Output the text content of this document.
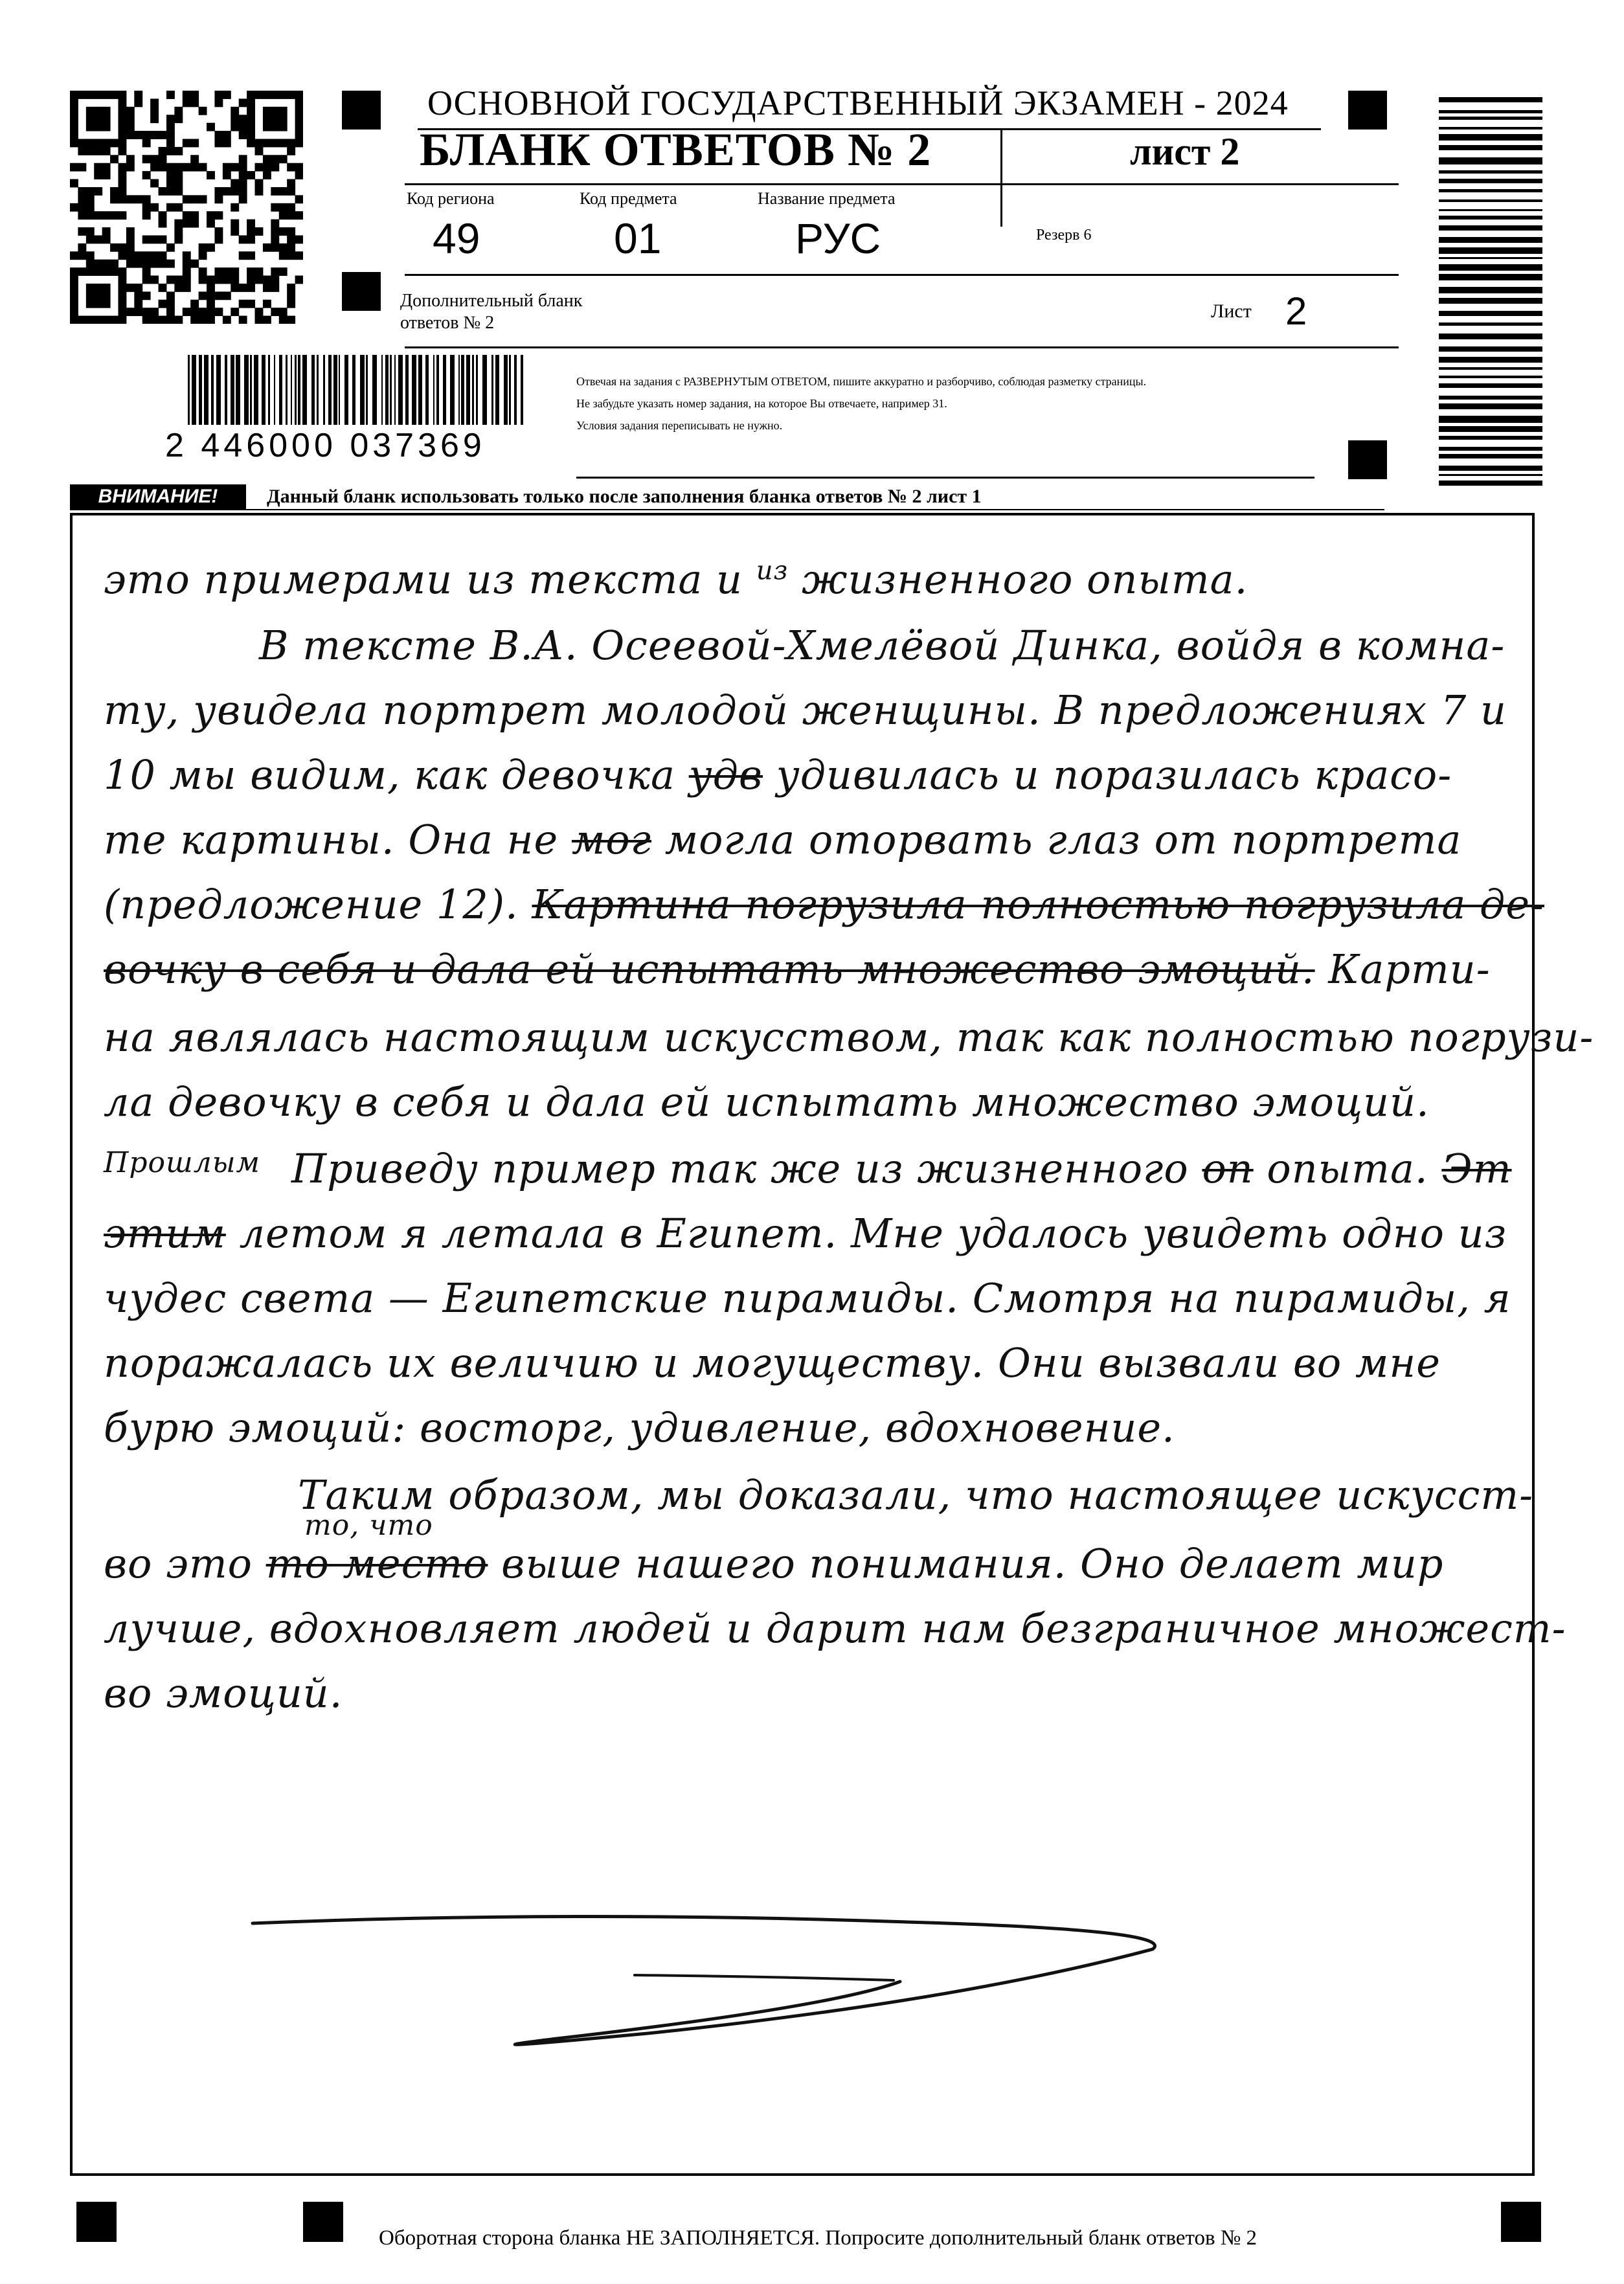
ОСНОВНОЙ ГОСУДАРСТВЕННЫЙ ЭКЗАМЕН - 2024
БЛАНК ОТВЕТОВ № 2	лист 2
Код региона
49
Код предмета
01
Название предмета
РУС	Резерв 6
Дополнительный бланк ответов № 2
Лист 2
Отвечая на задания с РАЗВЕРНУТЫМ ОТВЕТОМ, пишите аккуратно и разборчиво, соблюдая разметку страницы.
Не забудьте указать номер задания, на которое Вы отвечаете, например 31.
Условия задания переписывать не нужно.
2 446000 037369
ВНИМАНИЕ!	Данный бланк использовать только после заполнения бланка ответов № 2 лист 1
это примерами из текста и $^{из}$ жизненного опыта.
В тексте В.А. Осеевой-Хмелёвой Динка, войдя в комна-
ту, увидела портрет молодой женщины. В предложениях 7 и
10 мы видим, как девочка удв удивилась и поразилась красо-
те картины. Она не мог могла оторвать глаз от портрета
(предложение 12). Картина погрузила полностью погрузила де-
вочку в себя и дала ей испытать множество эмоций. Карти-
на являлась настоящим искусством, так как полностью погрузи-
ла девочку в себя и дала ей испытать множество эмоций.
Прошлым Приведу пример так же из жизненного оп опыта. Эт
этим летом я летала в Египет. Мне удалось увидеть одно из
чудес света — Египетские пирамиды. Смотря на пирамиды, я
поражалась их величию и могуществу. Они вызвали во мне
бурю эмоций: восторг, удивление, вдохновение.
Таким образом, мы доказали, что настоящее искусст-
то, что
во это то место выше нашего понимания. Оно делает мир
лучше, вдохновляет людей и дарит нам безграничное множест-
во эмоций.
Оборотная сторона бланка НЕ ЗАПОЛНЯЕТСЯ. Попросите дополнительный бланк ответов № 2
